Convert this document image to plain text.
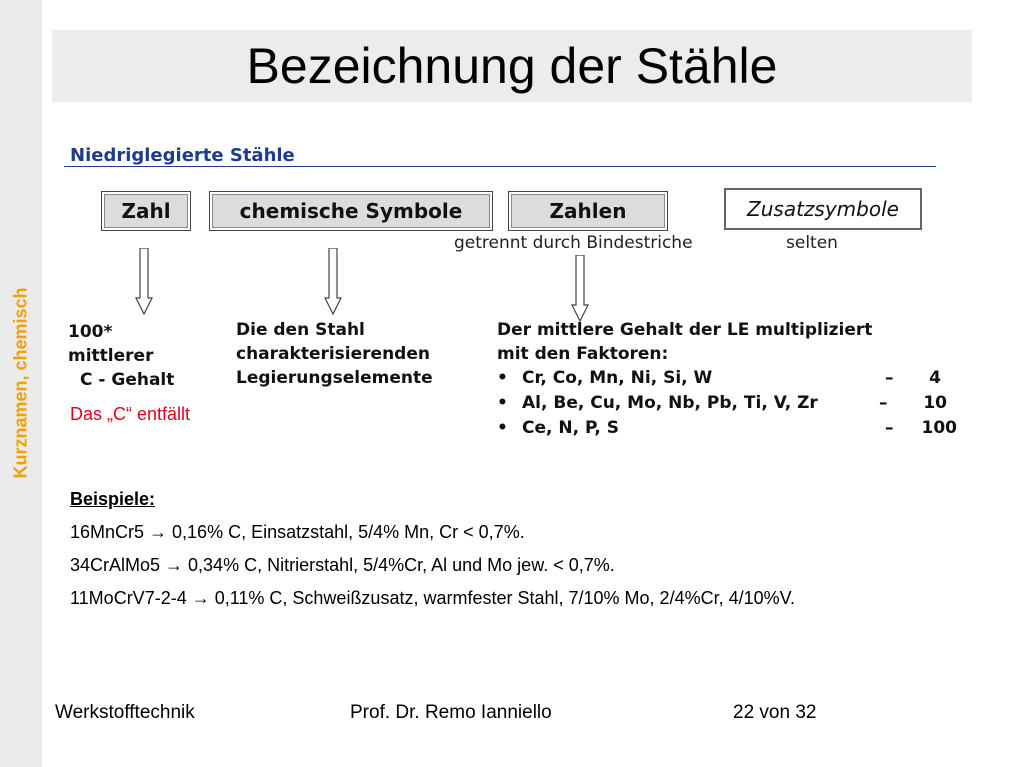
Kurznamen, chemisch
Bezeichnung der Stähle
Niedriglegierte Stähle
Zahl	chemische Symbole	Zahlen	Zusatzsymbole
getrennt durch Bindestriche	selten
100*
mittlerer
C - Gehalt
Das „C“ entfällt
Die den Stahl
charakterisierenden
Legierungselemente
Der mittlere Gehalt der LE multipliziert
mit den Faktoren:
• Cr, Co, Mn, Ni, Si, W	– 4
• Al, Be, Cu, Mo, Nb, Pb, Ti, V, Zr	– 10
• Ce, N, P, S	– 100
Beispiele:
16MnCr5 → 0,16% C, Einsatzstahl, 5/4% Mn, Cr < 0,7%.
34CrAlMo5 → 0,34% C, Nitrierstahl, 5/4%Cr, Al und Mo jew. < 0,7%.
11MoCrV7-2-4 → 0,11% C, Schweißzusatz, warmfester Stahl, 7/10% Mo, 2/4%Cr, 4/10%V.
Werkstofftechnik	Prof. Dr. Remo Ianniello	22 von 32
